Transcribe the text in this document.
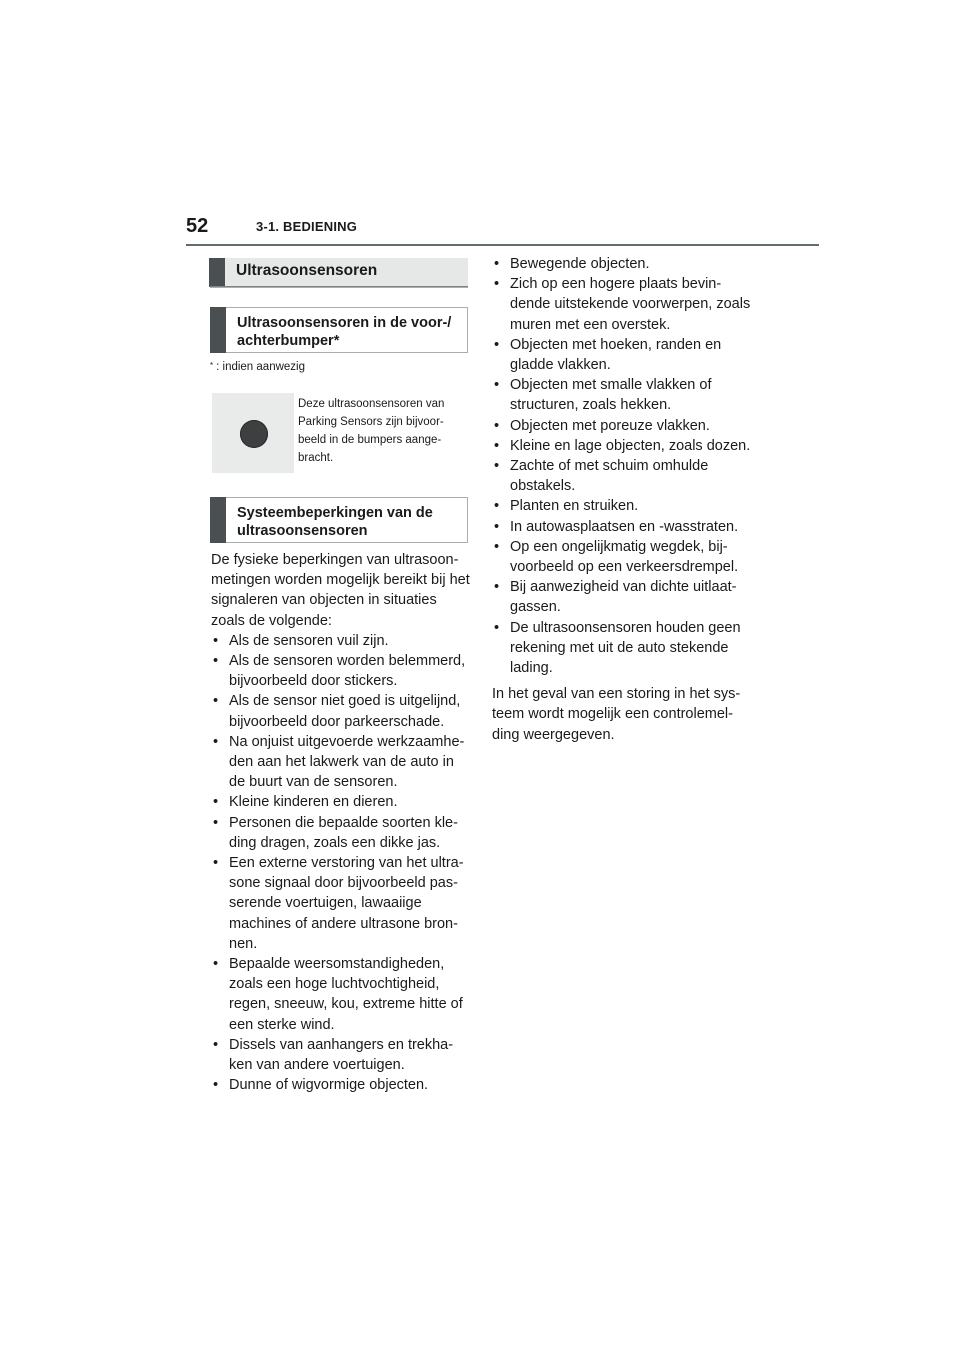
52	3-1. BEDIENING
Ultrasoonsensoren
Ultrasoonsensoren in de voor-/ achterbumper*
* : indien aanwezig
Deze ultrasoonsensoren van Parking Sensors zijn bijvoor-beeld in de bumpers aange-bracht.
Systeembeperkingen van de ultrasoonsensoren

De fysieke beperkingen van ultrasoon-metingen worden mogelijk bereikt bij het signaleren van objecten in situaties zoals de volgende:

• Als de sensoren vuil zijn.
• Als de sensoren worden belemmerd, bijvoorbeeld door stickers.
• Als de sensor niet goed is uitgelijnd, bijvoorbeeld door parkeerschade.
• Na onjuist uitgevoerde werkzaamhe-den aan het lakwerk van de auto in de buurt van de sensoren.
• Kleine kinderen en dieren.
• Personen die bepaalde soorten kle-ding dragen, zoals een dikke jas.
• Een externe verstoring van het ultra-sone signaal door bijvoorbeeld pas-serende voertuigen, lawaaiige machines of andere ultrasone bron-nen.
• Bepaalde weersomstandigheden, zoals een hoge luchtvochtigheid, regen, sneeuw, kou, extreme hitte of een sterke wind.
• Dissels van aanhangers en trekha-ken van andere voertuigen.
• Dunne of wigvormige objecten.
• Bewegende objecten.
• Zich op een hogere plaats bevin-dende uitstekende voorwerpen, zoals muren met een overstek.
• Objecten met hoeken, randen en gladde vlakken.
• Objecten met smalle vlakken of structuren, zoals hekken.
• Objecten met poreuze vlakken.
• Kleine en lage objecten, zoals dozen.
• Zachte of met schuim omhulde obstakels.
• Planten en struiken.
• In autowasplaatsen en -wasstraten.
• Op een ongelijkmatig wegdek, bij-voorbeeld op een verkeersdrempel.
• Bij aanwezigheid van dichte uitlaat-gassen.
• De ultrasoonsensoren houden geen rekening met uit de auto stekende lading.

In het geval van een storing in het sys-teem wordt mogelijk een controlemel-ding weergegeven.
